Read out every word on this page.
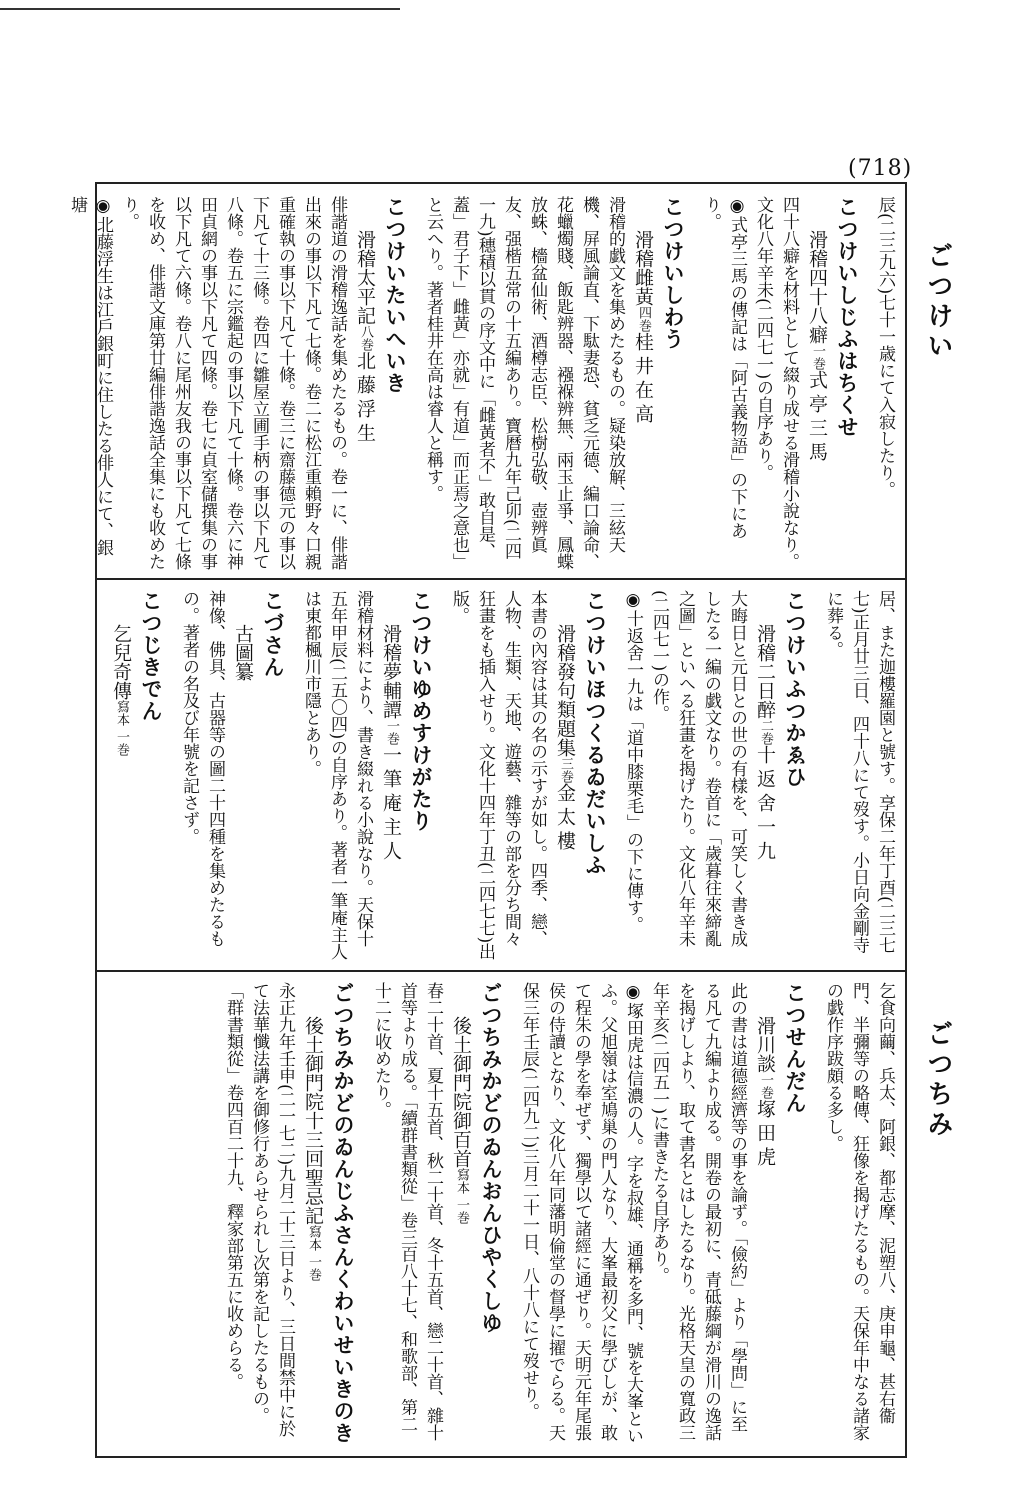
(718)
ごつけい
ごつちみ
辰(二三九六)七十一歳にて入寂したり。
こつけいしじふはちくせ
滑稽四十八癖一巻式亭三馬
四十八癖を材料として綴り成せる滑稽小說なり。文化八年辛未(二四七一)の自序あり。
◉式亭三馬の傳記は「阿古義物語」の下にあり。
こつけいしわう
滑稽雌黃四巻桂井在高
滑稽的戯文を集めたるもの。疑染放解、三絃天機、屏風論直、下駄妻恐、貧乏元德、編口論命、花蠟燭賤、飯匙辨器、襁褓辨無、兩玉止爭、鳳蝶放蛛、檣盆仙術、酒樽志臣、松樹弘敬、壺辨眞友、强楷五常の十五編あり。寶曆九年己卯(二四一九)穗積以貫の序文中に「雌黃者不」敢自是、蓋」君子下」雌黃」亦就」有道」而正焉之意也」と云へり。著者桂井在高は睿人と稱す。
こつけいたいへいき
滑稽太平記八巻北藤浮生
俳諧道の滑稽逸話を集めたるもの。卷一に、俳諧出來の事以下凡て七條。卷二に松江重賴野々口親重確執の事以下凡て十條。卷三に齋藤德元の事以下凡て十三條。卷四に雛屋立圃手柄の事以下凡て八條。卷五に宗鑑起の事以下凡て十條。卷六に神田貞網の事以下凡て四條。卷七に貞室儲撰集の事以下凡て六條。卷八に尾州友我の事以下凡て七條を收め、俳諧文庫第廿編俳諧逸話全集にも收めたり。
◉北藤浮生は江戶銀町に住したる俳人にて、銀塘
居、また迦樓羅園と號す。享保二年丁酉(二三七七)正月廿三日、四十八にて歿す。小日向金剛寺に葬る。
こつけいふつかゑひ
滑稽二日醉二巻十返舍一九
大晦日と元日との世の有樣を、可笑しく書き成したる一編の戯文なり。卷首に「歲暮往來締亂之圖」といへる狂畫を揭げたり。文化八年辛未(二四七一)の作。
◉十返舍一九は「道中膝栗毛」の下に傳す。
こつけいほつくるゐだいしふ
滑稽發句類題集三巻金太樓
本書の內容は其の名の示すが如し。四季、戀、人物、生類、天地、遊藝、雜等の部を分ち間々狂畫をも插入せり。文化十四年丁丑(二四七七)出版。
こつけいゆめすけがたり
滑稽夢輔譚一巻一筆庵主人
滑稽材料により、書き綴れる小說なり。天保十五年甲辰(二五〇四)の自序あり。著者一筆庵主人は東都楓川市隱とあり。
こづさん
古圖纂
神像、佛具、古器等の圖二十四種を集めたるもの。著者の名及び年號を記さず。
こつじきでん
乞兒奇傳寫本 一巻
乞食向繭、兵太、阿銀、都志摩、泥塑八、庚申龜、甚右衞門、半彌等の略傳、狂像を揭げたるもの。天保年中なる諸家の戯作序跋頗る多し。
こつせんだん
滑川談一巻塚田虎
此の書は道德經濟等の事を論ず。「儉約」より「學問」に至る凡て九編より成る。開卷の最初に、青砥藤綱が滑川の逸話を揭げしより、取て書名とはしたるなり。光格天皇の寬政三年辛亥(二四五一)に書きたる自序あり。
◉塚田虎は信濃の人。字を叔雄、通稱を多門、號を大峯といふ。父旭嶺は室鳩巢の門人なり、大峯最初父に學びしが、敢て程朱の學を奉ぜず、獨學以て諸經に通ぜり。天明元年尾張侯の侍讀となり、文化八年同藩明倫堂の督學に擢でらる。天保三年壬辰(二四九二)三月二十一日、八十八にて歿せり。
ごつちみかどのゐんおんひやくしゆ
後土御門院御百首寫本 一巻
春二十首、夏十五首、秋二十首、冬十五首、戀二十首、雜十首等より成る。「續群書類從」卷三百八十七、和歌部、第二十二に收めたり。
ごつちみかどのゐんじふさんくわいせいきのき
後土御門院十三回聖忌記寫本 一巻
永正九年壬申(二一七二)九月二十三日より、三日間禁中に於て法華懺法講を御修行あらせられし次第を記したるもの。「群書類從」卷四百二十九、釋家部第五に收めらる。
